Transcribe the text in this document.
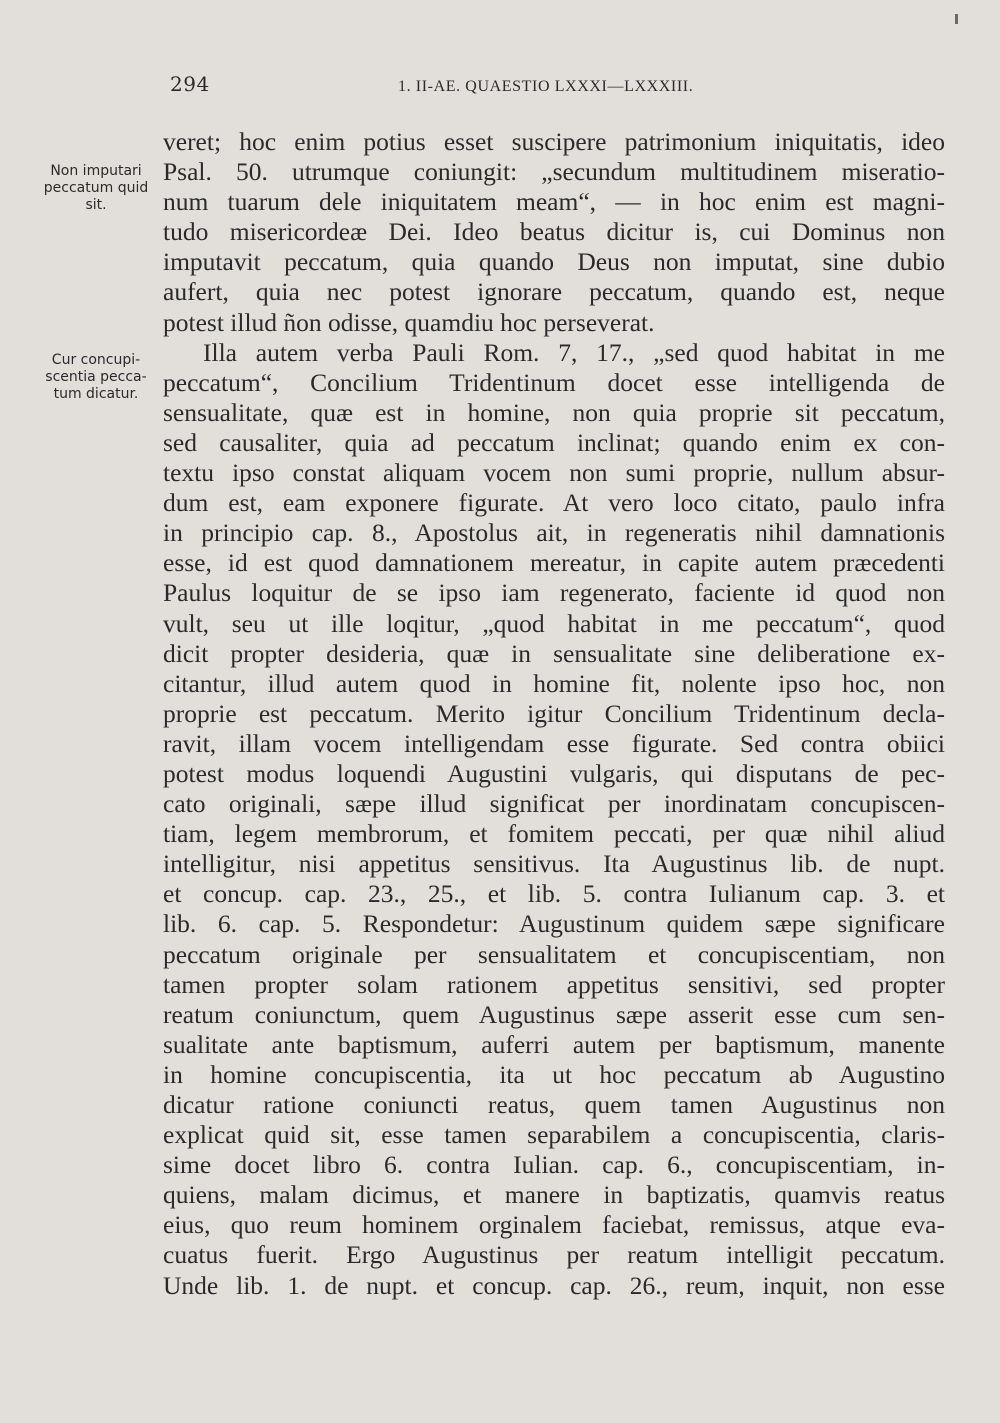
294	1. II-AE. QUAESTIO LXXXI—LXXXIII.
Non imputari
peccatum quid
sit.
Cur concupi-
scentia pecca-
tum dicatur.
veret; hoc enim potius esset suscipere patrimonium iniquitatis, ideo
Psal. 50. utrumque coniungit: „secundum multitudinem miseratio-
num tuarum dele iniquitatem meam“, — in hoc enim est magni-
tudo misericordeæ Dei. Ideo beatus dicitur is, cui Dominus non
imputavit peccatum, quia quando Deus non imputat, sine dubio
aufert, quia nec potest ignorare peccatum, quando est, neque
potest illud ñon odisse, quamdiu hoc perseverat.
Illa autem verba Pauli Rom. 7, 17., „sed quod habitat in me
peccatum“, Concilium Tridentinum docet esse intelligenda de
sensualitate, quæ est in homine, non quia proprie sit peccatum,
sed causaliter, quia ad peccatum inclinat; quando enim ex con-
textu ipso constat aliquam vocem non sumi proprie, nullum absur-
dum est, eam exponere figurate. At vero loco citato, paulo infra
in principio cap. 8., Apostolus ait, in regeneratis nihil damnationis
esse, id est quod damnationem mereatur, in capite autem præcedenti
Paulus loquitur de se ipso iam regenerato, faciente id quod non
vult, seu ut ille loqitur, „quod habitat in me peccatum“, quod
dicit propter desideria, quæ in sensualitate sine deliberatione ex-
citantur, illud autem quod in homine fit, nolente ipso hoc, non
proprie est peccatum. Merito igitur Concilium Tridentinum decla-
ravit, illam vocem intelligendam esse figurate. Sed contra obiici
potest modus loquendi Augustini vulgaris, qui disputans de pec-
cato originali, sæpe illud significat per inordinatam concupiscen-
tiam, legem membrorum, et fomitem peccati, per quæ nihil aliud
intelligitur, nisi appetitus sensitivus. Ita Augustinus lib. de nupt.
et concup. cap. 23., 25., et lib. 5. contra Iulianum cap. 3. et
lib. 6. cap. 5. Respondetur: Augustinum quidem sæpe significare
peccatum originale per sensualitatem et concupiscentiam, non
tamen propter solam rationem appetitus sensitivi, sed propter
reatum coniunctum, quem Augustinus sæpe asserit esse cum sen-
sualitate ante baptismum, auferri autem per baptismum, manente
in homine concupiscentia, ita ut hoc peccatum ab Augustino
dicatur ratione coniuncti reatus, quem tamen Augustinus non
explicat quid sit, esse tamen separabilem a concupiscentia, claris-
sime docet libro 6. contra Iulian. cap. 6., concupiscentiam, in-
quiens, malam dicimus, et manere in baptizatis, quamvis reatus
eius, quo reum hominem orginalem faciebat, remissus, atque eva-
cuatus fuerit. Ergo Augustinus per reatum intelligit peccatum.
Unde lib. 1. de nupt. et concup. cap. 26., reum, inquit, non esse
